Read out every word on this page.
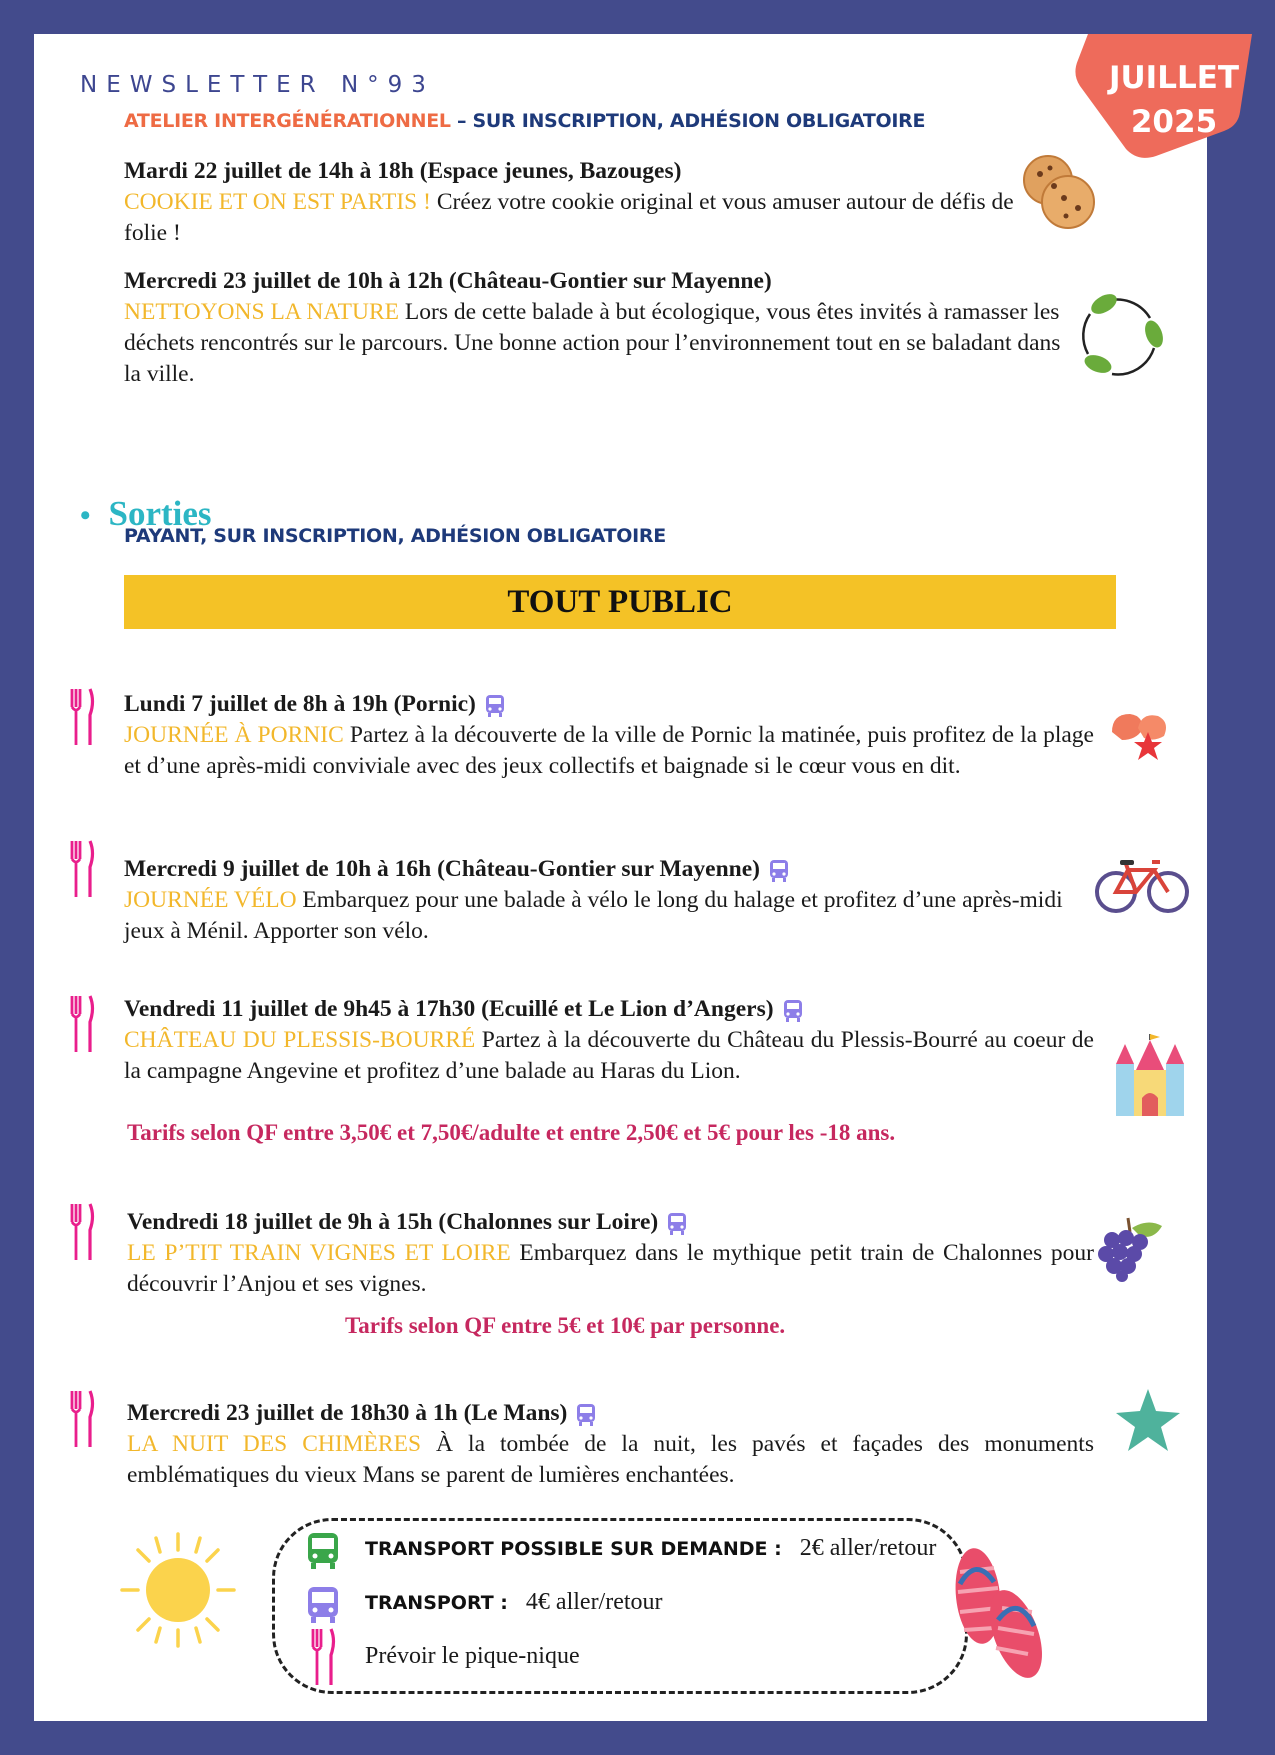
NEWSLETTER N°93	JUILLET
2025

ATELIER INTERGÉNÉRATIONNEL – SUR INSCRIPTION, ADHÉSION OBLIGATOIRE

Mardi 22 juillet de 14h à 18h (Espace jeunes, Bazouges)
COOKIE ET ON EST PARTIS ! Créez votre cookie original et vous amuser autour de défis de folie !
Mercredi 23 juillet de 10h à 12h (Château-Gontier sur Mayenne)
NETTOYONS LA NATURE Lors de cette balade à but écologique, vous êtes invités à ramasser les déchets rencontrés sur le parcours. Une bonne action pour l’environnement tout en se baladant dans la ville.
• Sorties

PAYANT, SUR INSCRIPTION, ADHÉSION OBLIGATOIRE

TOUT PUBLIC
Lundi 7 juillet de 8h à 19h (Pornic)
JOURNÉE À PORNIC Partez à la découverte de la ville de Pornic la matinée, puis profitez de la plage et d’une après-midi conviviale avec des jeux collectifs et baignade si le cœur vous en dit.
Mercredi 9 juillet de 10h à 16h (Château-Gontier sur Mayenne)
JOURNÉE VÉLO Embarquez pour une balade à vélo le long du halage et profitez d’une après-midi jeux à Ménil. Apporter son vélo.
Vendredi 11 juillet de 9h45 à 17h30 (Ecuillé et Le Lion d’Angers)
CHÂTEAU DU PLESSIS-BOURRÉ Partez à la découverte du Château du Plessis-Bourré au coeur de la campagne Angevine et profitez d’une balade au Haras du Lion.
Tarifs selon QF entre 3,50€ et 7,50€/adulte et entre 2,50€ et 5€ pour les -18 ans.
Vendredi 18 juillet de 9h à 15h (Chalonnes sur Loire)
LE P’TIT TRAIN VIGNES ET LOIRE Embarquez dans le mythique petit train de Chalonnes pour découvrir l’Anjou et ses vignes.
Tarifs selon QF entre 5€ et 10€ par personne.
Mercredi 23 juillet de 18h30 à 1h (Le Mans)
LA NUIT DES CHIMÈRES À la tombée de la nuit, les pavés et façades des monuments emblématiques du vieux Mans se parent de lumières enchantées.
TRANSPORT POSSIBLE SUR DEMANDE : 2€ aller/retour
TRANSPORT : 4€ aller/retour
Prévoir le pique-nique
